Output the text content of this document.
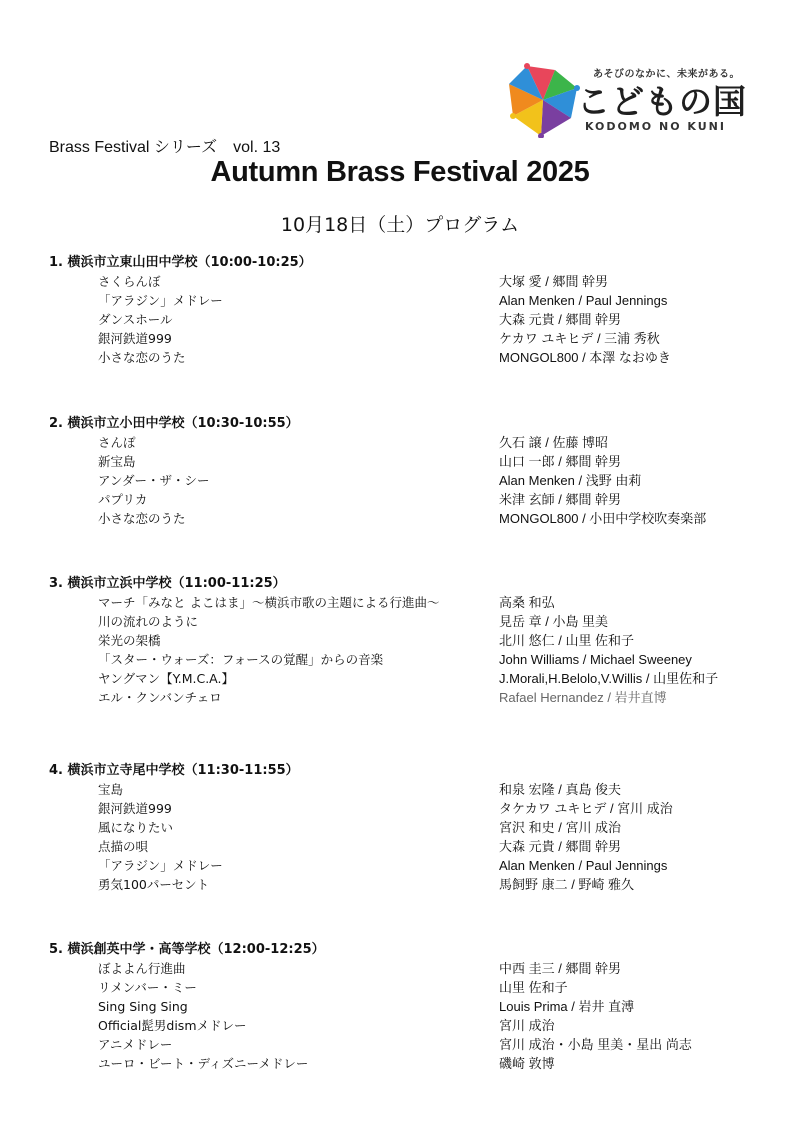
あそびのなかに、未来がある。
こどもの国
KODOMO NO KUNI
Brass Festival シリーズ　vol. 13
Autumn Brass Festival 2025
10月18日（土）プログラム
1. 横浜市立東山田中学校（10:00-10:25）
さくらんぼ	大塚 愛 / 郷間 幹男
「アラジン」メドレー	Alan Menken / Paul Jennings
ダンスホール	大森 元貴 / 郷間 幹男
銀河鉄道999	ケカワ ユキヒデ / 三浦 秀秋
小さな恋のうた	MONGOL800 / 本澤 なおゆき
2. 横浜市立小田中学校（10:30-10:55）
さんぽ	久石 譲 / 佐藤 博昭
新宝島	山口 一郎 / 郷間 幹男
アンダー・ザ・シー	Alan Menken / 浅野 由莉
パプリカ	米津 玄師 / 郷間 幹男
小さな恋のうた	MONGOL800 / 小田中学校吹奏楽部
3. 横浜市立浜中学校（11:00-11:25）
マーチ「みなと よこはま」～横浜市歌の主題による行進曲～	高桑 和弘
川の流れのように	見岳 章 / 小島 里美
栄光の架橋	北川 悠仁 / 山里 佐和子
「スター・ウォーズ：フォースの覚醒」からの音楽	John Williams / Michael Sweeney
ヤングマン【Y.M.C.A.】	J.Morali,H.Belolo,V.Willis / 山里佐和子
エル・クンバンチェロ	Rafael Hernandez / 岩井直博
4. 横浜市立寺尾中学校（11:30-11:55）
宝島	和泉 宏隆 / 真島 俊夫
銀河鉄道999	タケカワ ユキヒデ / 宮川 成治
風になりたい	宮沢 和史 / 宮川 成治
点描の唄	大森 元貴 / 郷間 幹男
「アラジン」メドレー	Alan Menken / Paul Jennings
勇気100パーセント	馬飼野 康二 / 野崎 雅久
5. 横浜創英中学・高等学校（12:00-12:25）
ぼよよん行進曲	中西 圭三 / 郷間 幹男
リメンバー・ミー	山里 佐和子
Sing Sing Sing	Louis Prima / 岩井 直溥
Official髭男dismメドレー	宮川 成治
アニメドレー	宮川 成治・小島 里美・星出 尚志
ユーロ・ビート・ディズニーメドレー	磯崎 敦博
